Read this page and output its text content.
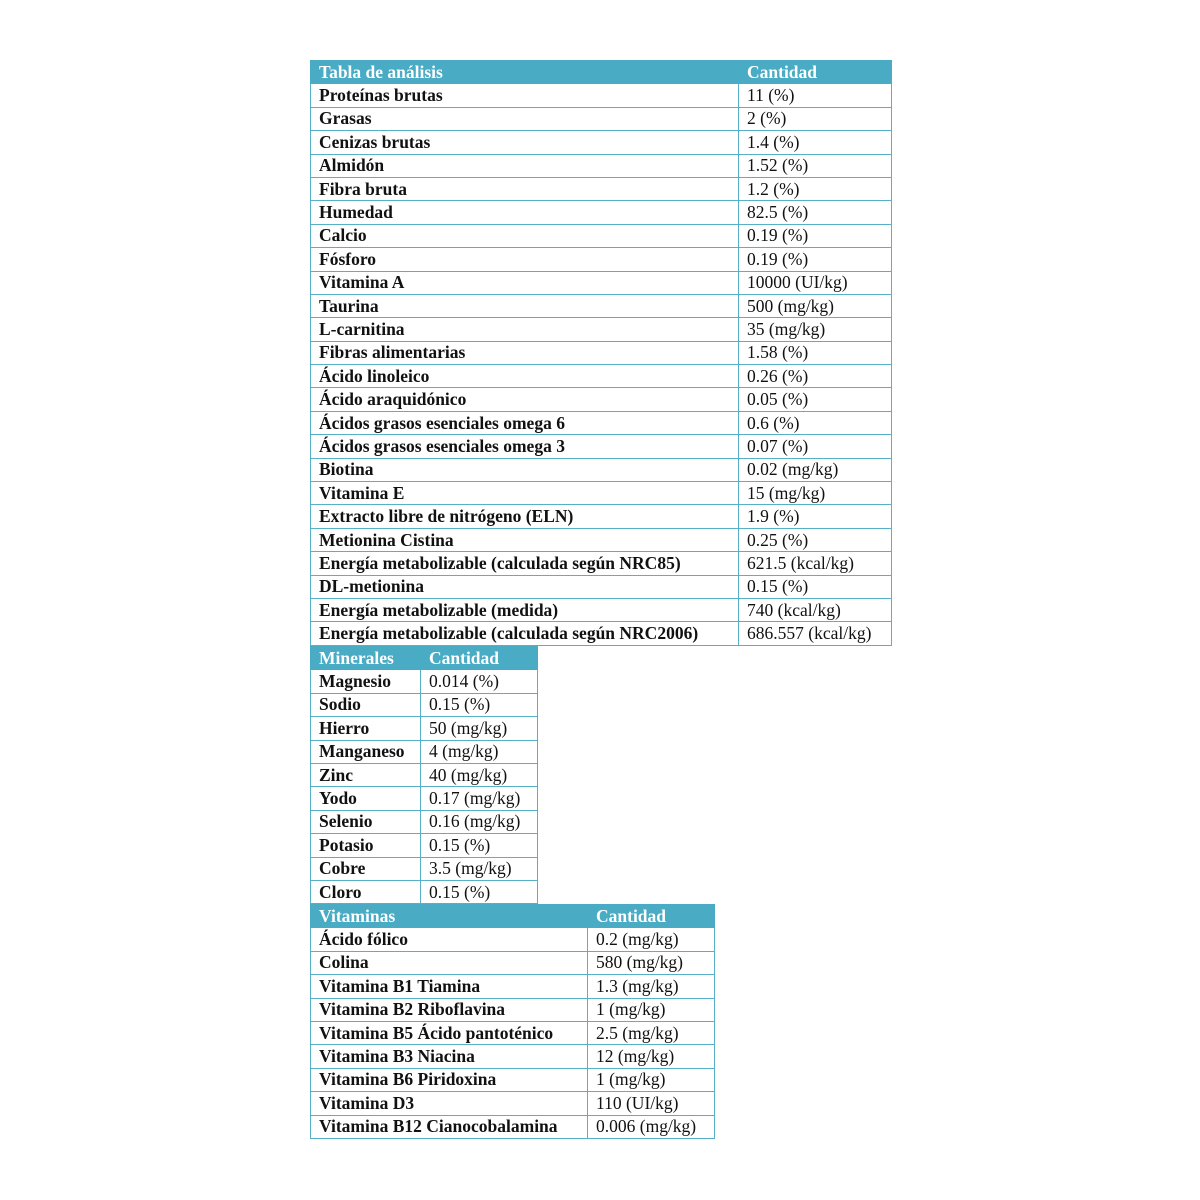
Tabla de análisis	Cantidad
Proteínas brutas	11 (%)
Grasas	2 (%)
Cenizas brutas	1.4 (%)
Almidón	1.52 (%)
Fibra bruta	1.2 (%)
Humedad	82.5 (%)
Calcio	0.19 (%)
Fósforo	0.19 (%)
Vitamina A	10000 (UI/kg)
Taurina	500 (mg/kg)
L-carnitina	35 (mg/kg)
Fibras alimentarias	1.58 (%)
Ácido linoleico	0.26 (%)
Ácido araquidónico	0.05 (%)
Ácidos grasos esenciales omega 6	0.6 (%)
Ácidos grasos esenciales omega 3	0.07 (%)
Biotina	0.02 (mg/kg)
Vitamina E	15 (mg/kg)
Extracto libre de nitrógeno (ELN)	1.9 (%)
Metionina Cistina	0.25 (%)
Energía metabolizable (calculada según NRC85)	621.5 (kcal/kg)
DL-metionina	0.15 (%)
Energía metabolizable (medida)	740 (kcal/kg)
Energía metabolizable (calculada según NRC2006)	686.557 (kcal/kg)
Minerales	Cantidad
Magnesio	0.014 (%)
Sodio	0.15 (%)
Hierro	50 (mg/kg)
Manganeso	4 (mg/kg)
Zinc	40 (mg/kg)
Yodo	0.17 (mg/kg)
Selenio	0.16 (mg/kg)
Potasio	0.15 (%)
Cobre	3.5 (mg/kg)
Cloro	0.15 (%)
Vitaminas	Cantidad
Ácido fólico	0.2 (mg/kg)
Colina	580 (mg/kg)
Vitamina B1 Tiamina	1.3 (mg/kg)
Vitamina B2 Riboflavina	1 (mg/kg)
Vitamina B5 Ácido pantoténico	2.5 (mg/kg)
Vitamina B3 Niacina	12 (mg/kg)
Vitamina B6 Piridoxina	1 (mg/kg)
Vitamina D3	110 (UI/kg)
Vitamina B12 Cianocobalamina	0.006 (mg/kg)
